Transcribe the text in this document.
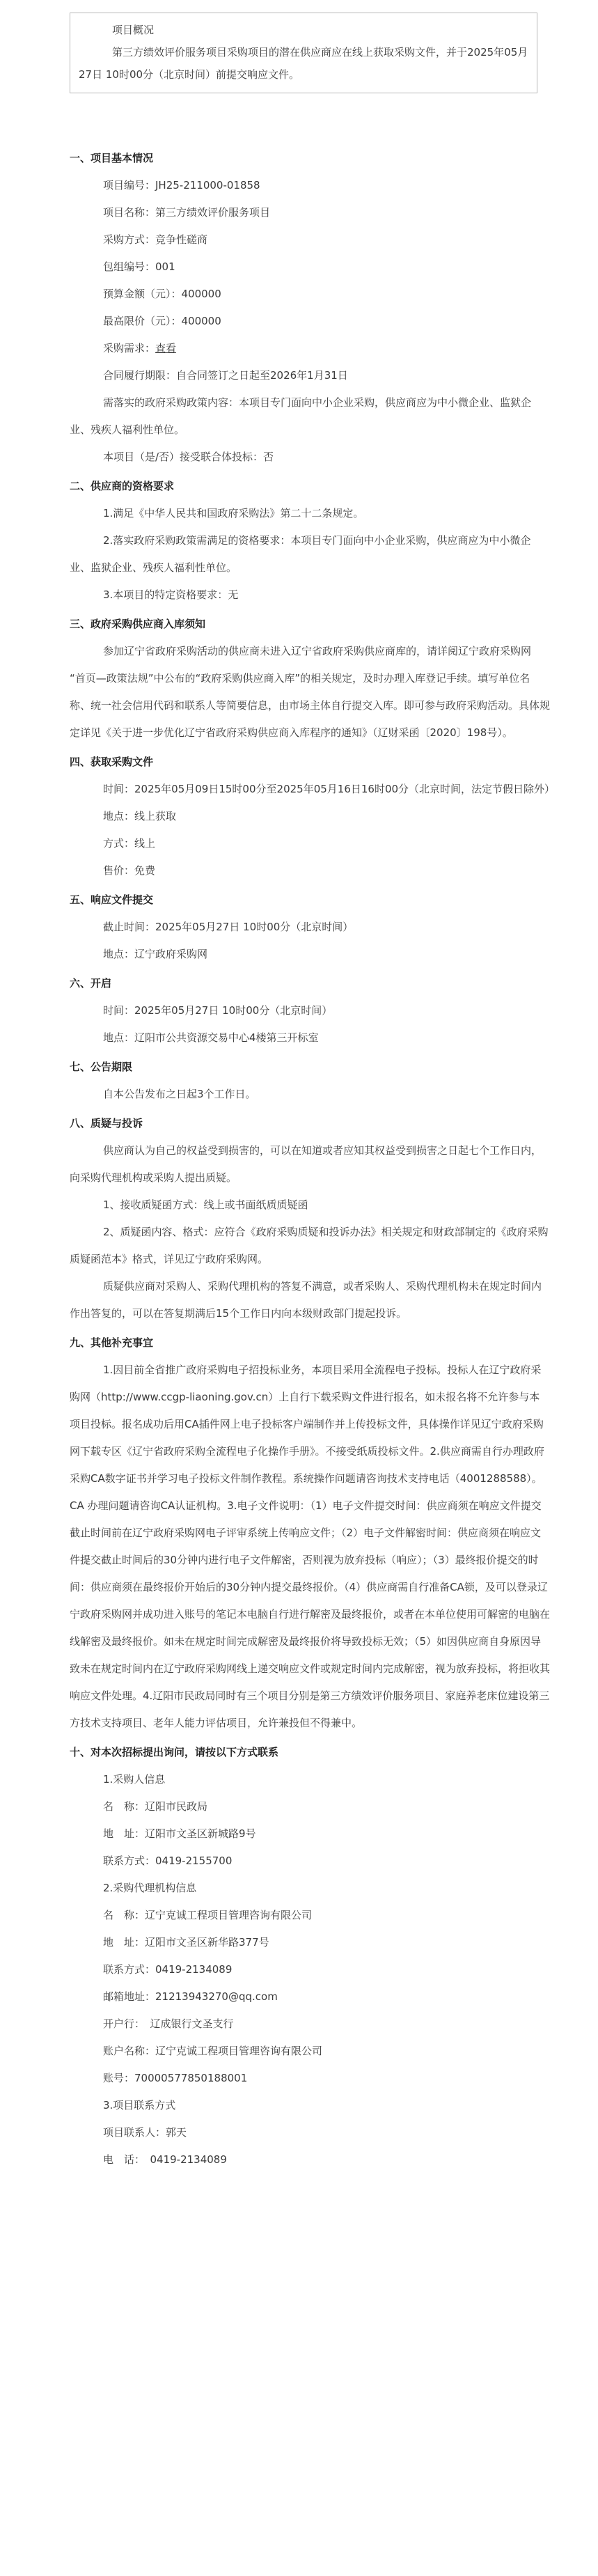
项目概况
第三方绩效评价服务项目采购项目的潜在供应商应在线上获取采购文件，并于2025年05月27日 10时00分（北京时间）前提交响应文件。
一、项目基本情况

项目编号：JH25-211000-01858

项目名称：第三方绩效评价服务项目

采购方式：竞争性磋商

包组编号：001

预算金额（元）：400000

最高限价（元）：400000

采购需求：查看

合同履行期限：自合同签订之日起至2026年1月31日

需落实的政府采购政策内容：本项目专门面向中小企业采购，供应商应为中小微企业、监狱企业、残疾人福利性单位。

本项目（是/否）接受联合体投标：否

二、供应商的资格要求

1.满足《中华人民共和国政府采购法》第二十二条规定。

2.落实政府采购政策需满足的资格要求：本项目专门面向中小企业采购，供应商应为中小微企业、监狱企业、残疾人福利性单位。

3.本项目的特定资格要求：无

三、政府采购供应商入库须知

参加辽宁省政府采购活动的供应商未进入辽宁省政府采购供应商库的，请详阅辽宁政府采购网 “首页—政策法规”中公布的“政府采购供应商入库”的相关规定，及时办理入库登记手续。填写单位名称、统一社会信用代码和联系人等简要信息，由市场主体自行提交入库。即可参与政府采购活动。具体规定详见《关于进一步优化辽宁省政府采购供应商入库程序的通知》（辽财采函〔2020〕198号）。

四、获取采购文件

时间：2025年05月09日15时00分至2025年05月16日16时00分（北京时间，法定节假日除外）

地点：线上获取

方式：线上

售价：免费

五、响应文件提交

截止时间：2025年05月27日 10时00分（北京时间）

地点：辽宁政府采购网

六、开启

时间：2025年05月27日 10时00分（北京时间）

地点：辽阳市公共资源交易中心4楼第三开标室

七、公告期限

自本公告发布之日起3个工作日。

八、质疑与投诉

供应商认为自己的权益受到损害的，可以在知道或者应知其权益受到损害之日起七个工作日内，向采购代理机构或采购人提出质疑。

1、接收质疑函方式：线上或书面纸质质疑函

2、质疑函内容、格式：应符合《政府采购质疑和投诉办法》相关规定和财政部制定的《政府采购质疑函范本》格式，详见辽宁政府采购网。

质疑供应商对采购人、采购代理机构的答复不满意，或者采购人、采购代理机构未在规定时间内作出答复的，可以在答复期满后15个工作日内向本级财政部门提起投诉。

九、其他补充事宜

1.因目前全省推广政府采购电子招投标业务，本项目采用全流程电子投标。投标人在辽宁政府采购网（http://www.ccgp-liaoning.gov.cn）上自行下载采购文件进行报名，如未报名将不允许参与本项目投标。报名成功后用CA插件网上电子投标客户端制作并上传投标文件，具体操作详见辽宁政府采购网下载专区《辽宁省政府采购全流程电子化操作手册》。不接受纸质投标文件。2.供应商需自行办理政府采购CA数字证书并学习电子投标文件制作教程。系统操作问题请咨询技术支持电话（4001288588）。CA 办理问题请咨询CA认证机构。3.电子文件说明：（1）电子文件提交时间：供应商须在响应文件提交截止时间前在辽宁政府采购网电子评审系统上传响应文件；（2）电子文件解密时间：供应商须在响应文件提交截止时间后的30分钟内进行电子文件解密，否则视为放弃投标（响应）；（3）最终报价提交的时间：供应商须在最终报价开始后的30分钟内提交最终报价。（4）供应商需自行准备CA锁，及可以登录辽宁政府采购网并成功进入账号的笔记本电脑自行进行解密及最终报价，或者在本单位使用可解密的电脑在线解密及最终报价。如未在规定时间完成解密及最终报价将导致投标无效；（5）如因供应商自身原因导致未在规定时间内在辽宁政府采购网线上递交响应文件或规定时间内完成解密，视为放弃投标，将拒收其响应文件处理。4.辽阳市民政局同时有三个项目分别是第三方绩效评价服务项目、家庭养老床位建设第三方技术支持项目、老年人能力评估项目，允许兼投但不得兼中。

十、对本次招标提出询问，请按以下方式联系

1.采购人信息

名　称：辽阳市民政局

地　址：辽阳市文圣区新城路9号

联系方式：0419-2155700

2.采购代理机构信息

名　称：辽宁克诚工程项目管理咨询有限公司

地　址：辽阳市文圣区新华路377号

联系方式：0419-2134089

邮箱地址：21213943270@qq.com

开户行：　辽成银行文圣支行

账户名称：辽宁克诚工程项目管理咨询有限公司

账号：70000577850188001

3.项目联系方式

项目联系人：郭天

电　话：　0419-2134089
